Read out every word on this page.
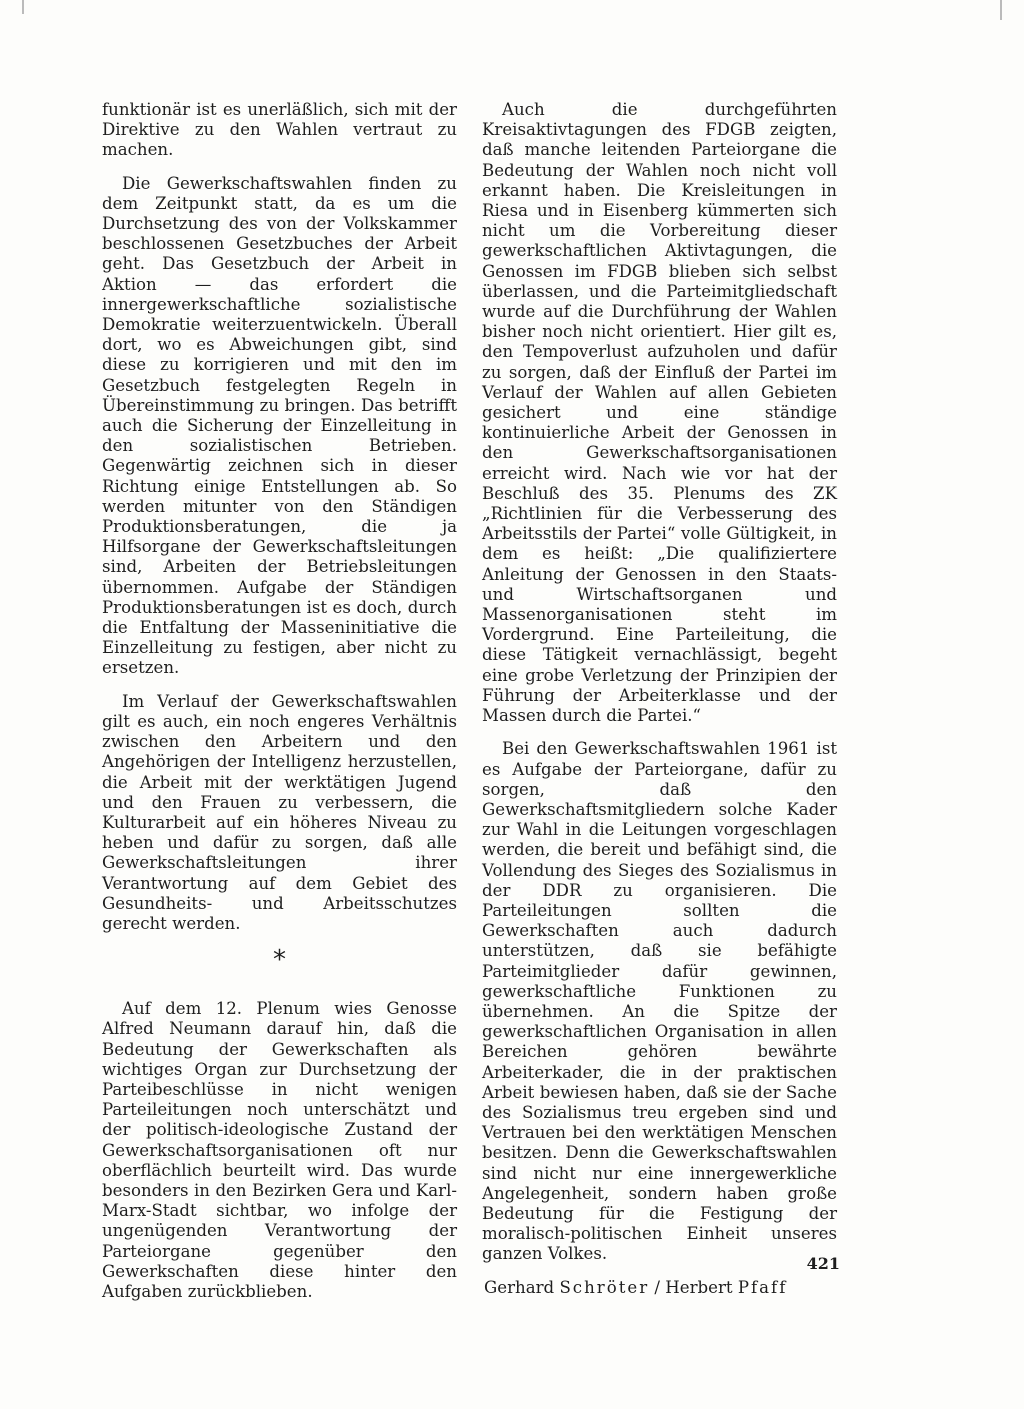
funktionär ist es unerläßlich, sich mit der Direktive zu den Wahlen vertraut zu machen.

Die Gewerkschaftswahlen finden zu dem Zeitpunkt statt, da es um die Durchsetzung des von der Volkskammer beschlossenen Gesetzbuches der Arbeit geht. Das Gesetzbuch der Arbeit in Aktion — das erfordert die innergewerkschaftliche sozialistische Demokratie weiterzuentwickeln. Überall dort, wo es Abweichungen gibt, sind diese zu korrigieren und mit den im Gesetzbuch festgelegten Regeln in Übereinstimmung zu bringen. Das betrifft auch die Sicherung der Einzelleitung in den sozialistischen Betrieben. Gegenwärtig zeichnen sich in dieser Richtung einige Entstellungen ab. So werden mitunter von den Ständigen Produktionsberatungen, die ja Hilfsorgane der Gewerkschaftsleitungen sind, Arbeiten der Betriebsleitungen übernommen. Aufgabe der Ständigen Produktionsberatungen ist es doch, durch die Entfaltung der Masseninitiative die Einzelleitung zu festigen, aber nicht zu ersetzen.

Im Verlauf der Gewerkschaftswahlen gilt es auch, ein noch engeres Verhältnis zwischen den Arbeitern und den Angehörigen der Intelligenz herzustellen, die Arbeit mit der werktätigen Jugend und den Frauen zu verbessern, die Kulturarbeit auf ein höheres Niveau zu heben und dafür zu sorgen, daß alle Gewerkschaftsleitungen ihrer Verantwortung auf dem Gebiet des Gesundheits- und Arbeitsschutzes gerecht werden.

*

Auf dem 12. Plenum wies Genosse Alfred Neumann darauf hin, daß die Bedeutung der Gewerkschaften als wichtiges Organ zur Durchsetzung der Parteibeschlüsse in nicht wenigen Parteileitungen noch unterschätzt und der politisch-ideologische Zustand der Gewerkschaftsorganisationen oft nur oberflächlich beurteilt wird. Das wurde besonders in den Bezirken Gera und Karl-Marx-Stadt sichtbar, wo infolge der ungenügenden Verantwortung der Parteiorgane gegenüber den Gewerkschaften diese hinter den Aufgaben zurückblieben.

Auch die durchgeführten Kreisaktivtagungen des FDGB zeigten, daß manche leitenden Parteiorgane die Bedeutung der Wahlen noch nicht voll erkannt haben. Die Kreisleitungen in Riesa und in Eisenberg kümmerten sich nicht um die Vorbereitung dieser gewerkschaftlichen Aktivtagungen, die Genossen im FDGB blieben sich selbst überlassen, und die Parteimitgliedschaft wurde auf die Durchführung der Wahlen bisher noch nicht orientiert. Hier gilt es, den Tempoverlust aufzuholen und dafür zu sorgen, daß der Einfluß der Partei im Verlauf der Wahlen auf allen Gebieten gesichert und eine ständige kontinuierliche Arbeit der Genossen in den Gewerkschaftsorganisationen erreicht wird. Nach wie vor hat der Beschluß des 35. Plenums des ZK „Richtlinien für die Verbesserung des Arbeitsstils der Partei“ volle Gültigkeit, in dem es heißt: „Die qualifiziertere Anleitung der Genossen in den Staats- und Wirtschaftsorganen und Massenorganisationen steht im Vordergrund. Eine Parteileitung, die diese Tätigkeit vernachlässigt, begeht eine grobe Verletzung der Prinzipien der Führung der Arbeiterklasse und der Massen durch die Partei.“

Bei den Gewerkschaftswahlen 1961 ist es Aufgabe der Parteiorgane, dafür zu sorgen, daß den Gewerkschaftsmitgliedern solche Kader zur Wahl in die Leitungen vorgeschlagen werden, die bereit und befähigt sind, die Vollendung des Sieges des Sozialismus in der DDR zu organisieren. Die Parteileitungen sollten die Gewerkschaften auch dadurch unterstützen, daß sie befähigte Parteimitglieder dafür gewinnen, gewerkschaftliche Funktionen zu übernehmen. An die Spitze der gewerkschaftlichen Organisation in allen Bereichen gehören bewährte Arbeiterkader, die in der praktischen Arbeit bewiesen haben, daß sie der Sache des Sozialismus treu ergeben sind und Vertrauen bei den werktätigen Menschen besitzen. Denn die Gewerkschaftswahlen sind nicht nur eine innergewerkliche Angelegenheit, sondern haben große Bedeutung für die Festigung der moralisch-politischen Einheit unseres ganzen Volkes.

Gerhard Schröter / Herbert Pfaff
421
